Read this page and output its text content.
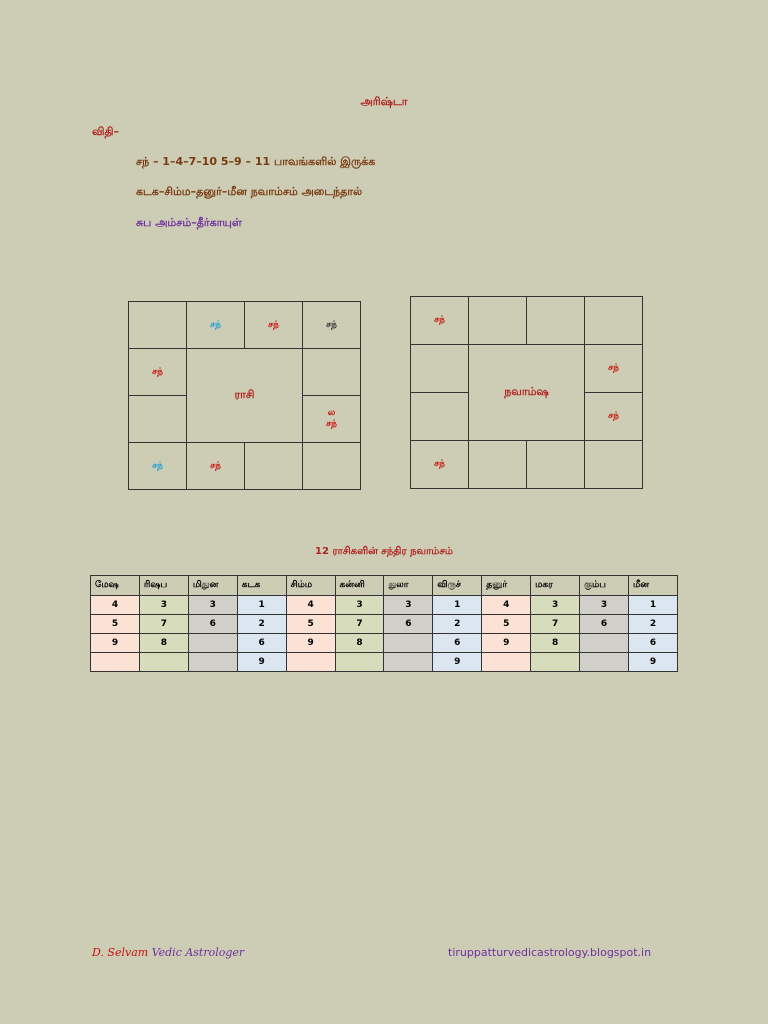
அரிஷ்டா
விதி–
சந் – 1–4–7–10 5–9 – 11 பாவங்களில் இருக்க
கடக–சிம்ம–தனுர்–மீன நவாம்சம் அடைந்தால்
சுப அம்சம்–தீர்காயுள்
	சந்	சந்	சந்
சந்	ராசி		

			ல
சந்

சந்	சந்		
சந்			
	நவாம்ஷ		சந்
			சந்
சந்			
12 ராசிகளின் சந்திர நவாம்சம்
மேஷ	ரிஷப	மிதுன	கடக	சிம்ம	கன்னி	துலா	விருச்	தனுர்	மகர	கும்ப	மீன
4	3	3	1	4	3	3	1	4	3	3	1
5	7	6	2	5	7	6	2	5	7	6	2
9	8		6	9	8		6	9	8		6
			9				9				9
D. Selvam Vedic Astrologer	tiruppatturvedicastrology.blogspot.in
